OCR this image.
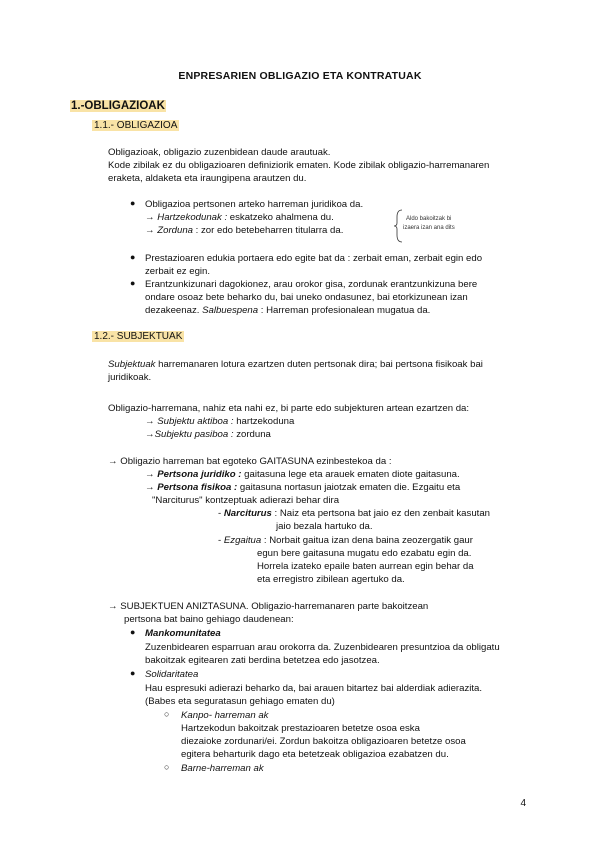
ENPRESARIEN OBLIGAZIO ETA KONTRATUAK
1.-OBLIGAZIOAK
1.1.- OBLIGAZIOA
Obligazioak, obligazio zuzenbidean daude arautuak.
Kode zibilak ez du obligazioaren definiziorik ematen. Kode zibilak obligazio-harremanaren
eraketa, aldaketa eta iraungipena arautzen du.
● Obligazioa pertsonen arteko harreman juridikoa da.
→ Hartzekodunak : eskatzeko ahalmena du.
→ Zorduna : zor edo betebeharren titularra da.
Aldo bakoitzak bi
izaera izan ana dits
● Prestazioaren edukia portaera edo egite bat da : zerbait eman, zerbait egin edo
zerbait ez egin.
● Erantzunkizunari dagokionez, arau orokor gisa, zordunak erantzunkizuna bere
ondare osoaz bete beharko du, bai uneko ondasunez, bai etorkizunean izan
dezakeenaz. Salbuespena : Harreman profesionalean mugatua da.
1.2.- SUBJEKTUAK
Subjektuak harremanaren lotura ezartzen duten pertsonak dira; bai pertsona fisikoak bai
juridikoak.
Obligazio-harremana, nahiz eta nahi ez, bi parte edo subjekturen artean ezartzen da:
→ Subjektu aktiboa : hartzekoduna
→Subjektu pasiboa : zorduna
→ Obligazio harreman bat egoteko GAITASUNA ezinbestekoa da :
→ Pertsona juridiko : gaitasuna lege eta arauek ematen diote gaitasuna.
→ Pertsona fisikoa : gaitasuna nortasun jaiotzak ematen die. Ezgaitu eta
"Narciturus" kontzeptuak adierazi behar dira
- Narciturus : Naiz eta pertsona bat jaio ez den zenbait kasutan
jaio bezala hartuko da.
- Ezgaitua : Norbait gaitua izan dena baina zeozergatik gaur
egun bere gaitasuna mugatu edo ezabatu egin da.
Horrela izateko epaile baten aurrean egin behar da
eta erregistro zibilean agertuko da.
→ SUBJEKTUEN ANIZTASUNA. Obligazio-harremanaren parte bakoitzean
pertsona bat baino gehiago daudenean:
● Mankomunitatea
Zuzenbidearen esparruan arau orokorra da. Zuzenbidearen presuntzioa da obligatu
bakoitzak egitearen zati berdina betetzea edo jasotzea.
● Solidaritatea
Hau espresuki adierazi beharko da, bai arauen bitartez bai alderdiak adierazita.
(Babes eta seguratasun gehiago ematen du)
○ Kanpo- harreman ak
Hartzekodun bakoitzak prestazioaren betetze osoa eska
diezaioke zordunari/ei. Zordun bakoitza obligazioaren betetze osoa
egitera beharturik dago eta betetzeak obligazioa ezabatzen du.
○ Barne-harreman ak
4
